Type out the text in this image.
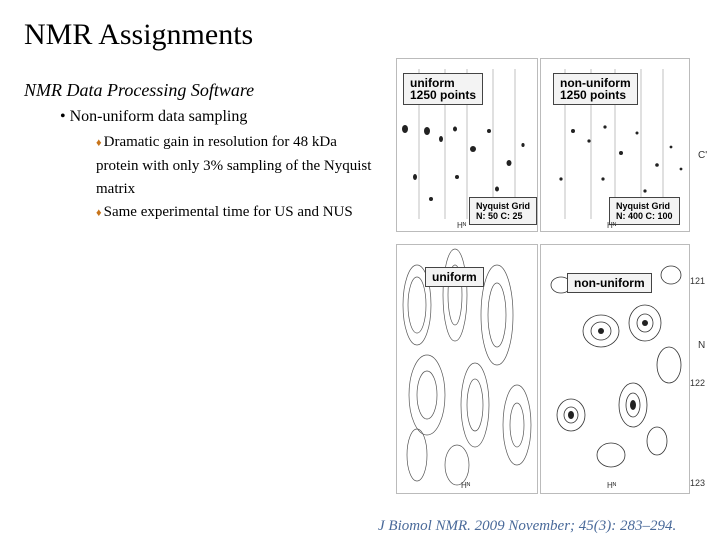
NMR Assignments
NMR Data Processing Software
• Non-uniform data sampling
♦ Dramatic gain in resolution for 48 kDa protein with only 3% sampling of the Nyquist matrix
♦ Same experimental time for US and NUS
uniform
1250 points
Nyquist Grid
N: 50 C: 25
Hᴺ
non-uniform
1250 points
Nyquist Grid
N: 400 C: 100
Hᴺ
C'
uniform
Hᴺ
non-uniform
Hᴺ
121
N
122
123
J Biomol NMR. 2009 November; 45(3): 283–294.
